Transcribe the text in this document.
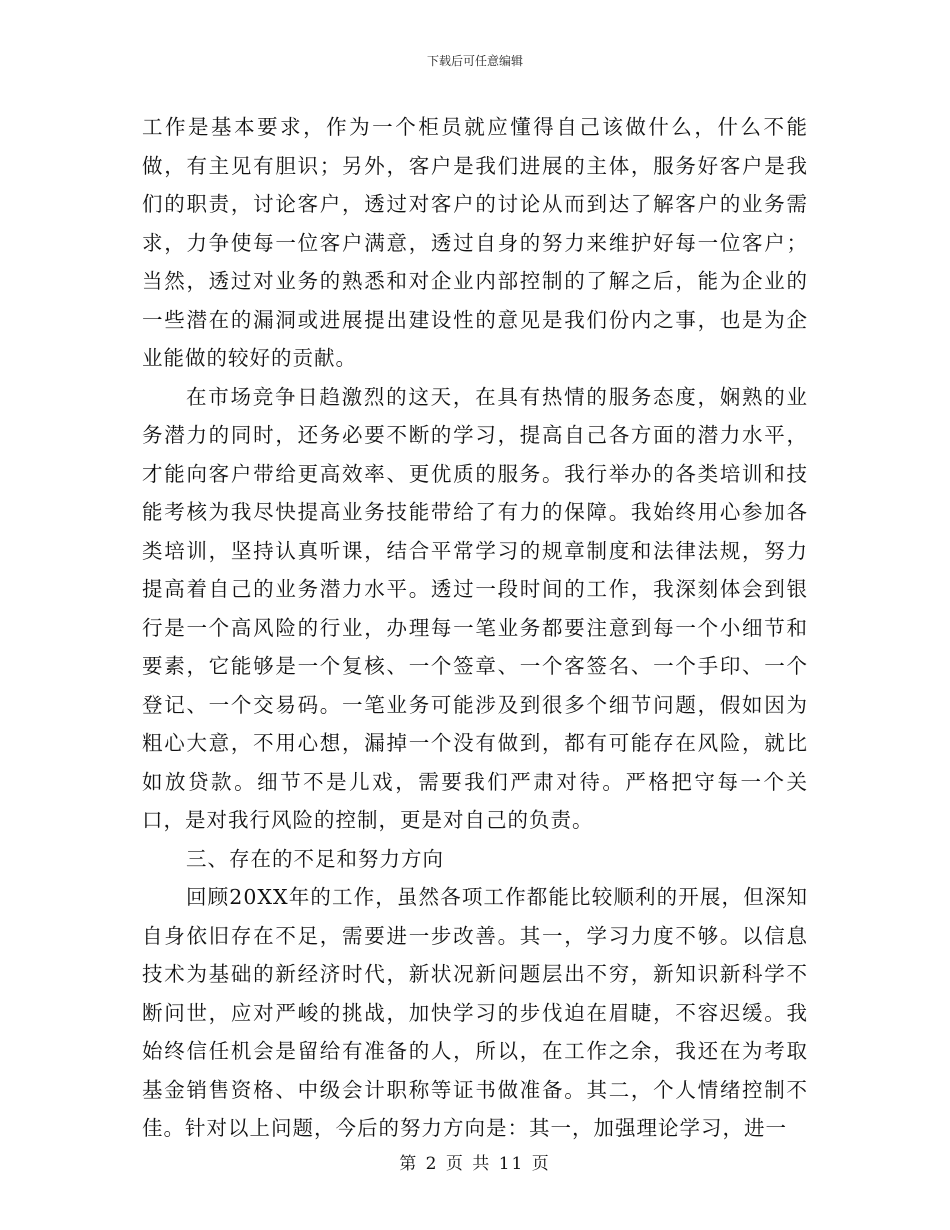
下载后可任意编辑

工作是基本要求，作为一个柜员就应懂得自己该做什么，什么不能做，有主见有胆识；另外，客户是我们进展的主体，服务好客户是我们的职责，讨论客户，透过对客户的讨论从而到达了解客户的业务需求，力争使每一位客户满意，透过自身的努力来维护好每一位客户；当然，透过对业务的熟悉和对企业内部控制的了解之后，能为企业的一些潜在的漏洞或进展提出建设性的意见是我们份内之事，也是为企业能做的较好的贡献。

在市场竞争日趋激烈的这天，在具有热情的服务态度，娴熟的业务潜力的同时，还务必要不断的学习，提高自己各方面的潜力水平，才能向客户带给更高效率、更优质的服务。我行举办的各类培训和技能考核为我尽快提高业务技能带给了有力的保障。我始终用心参加各类培训，坚持认真听课，结合平常学习的规章制度和法律法规，努力提高着自己的业务潜力水平。透过一段时间的工作，我深刻体会到银行是一个高风险的行业，办理每一笔业务都要注意到每一个小细节和要素，它能够是一个复核、一个签章、一个客签名、一个手印、一个登记、一个交易码。一笔业务可能涉及到很多个细节问题，假如因为粗心大意，不用心想，漏掉一个没有做到，都有可能存在风险，就比如放贷款。细节不是儿戏，需要我们严肃对待。严格把守每一个关口，是对我行风险的控制，更是对自己的负责。

三、存在的不足和努力方向

回顾20XX年的工作，虽然各项工作都能比较顺利的开展，但深知自身依旧存在不足，需要进一步改善。其一，学习力度不够。以信息技术为基础的新经济时代，新状况新问题层出不穷，新知识新科学不断问世，应对严峻的挑战，加快学习的步伐迫在眉睫，不容迟缓。我始终信任机会是留给有准备的人，所以，在工作之余，我还在为考取基金销售资格、中级会计职称等证书做准备。其二，个人情绪控制不佳。针对以上问题，今后的努力方向是：其一，加强理论学习，进一

第 2 页 共 11 页
